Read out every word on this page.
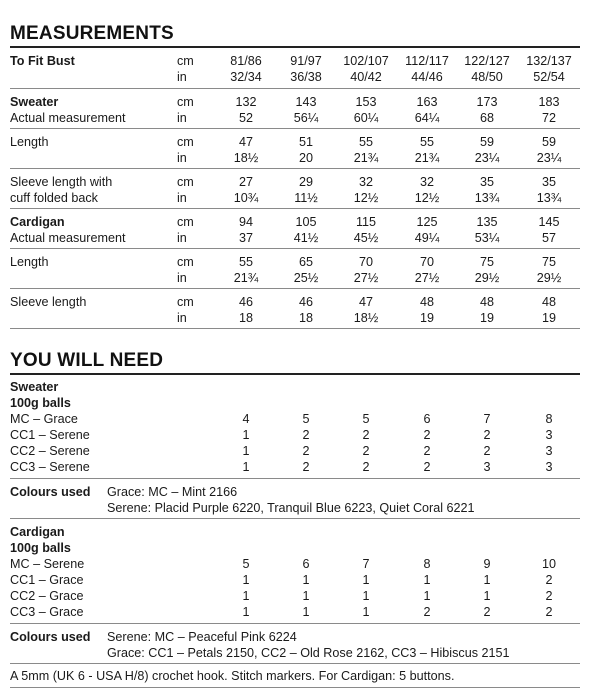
MEASUREMENTS
To Fit Bust	cm	81/86	91/97	102/107	112/117	122/127	132/137
in	32/34	36/38	40/42	44/46	48/50	52/54
Sweater	cm	132	143	153	163	173	183
Actual measurement	in	52	56¼	60¼	64¼	68	72
Length	cm	47	51	55	55	59	59
in	18½	20	21¾	21¾	23¼	23¼
Sleeve length with	cm	27	29	32	32	35	35
cuff folded back	in	10¾	11½	12½	12½	13¾	13¾
Cardigan	cm	94	105	115	125	135	145
Actual measurement	in	37	41½	45½	49¼	53¼	57
Length	cm	55	65	70	70	75	75
in	21¾	25½	27½	27½	29½	29½
Sleeve length	cm	46	46	47	48	48	48
in	18	18	18½	19	19	19
YOU WILL NEED
Sweater
100g balls
MC – Grace	4	5	5	6	7	8
CC1 – Serene	1	2	2	2	2	3
CC2 – Serene	1	2	2	2	2	3
CC3 – Serene	1	2	2	2	3	3
Colours used Grace: MC – Mint 2166
Serene: Placid Purple 6220, Tranquil Blue 6223, Quiet Coral 6221
Cardigan
100g balls
MC – Serene	5	6	7	8	9	10
CC1 – Grace	1	1	1	1	1	2
CC2 – Grace	1	1	1	1	1	2
CC3 – Grace	1	1	1	2	2	2
Colours used Serene: MC – Peaceful Pink 6224
Grace: CC1 – Petals 2150, CC2 – Old Rose 2162, CC3 – Hibiscus 2151
A 5mm (UK 6 - USA H/8) crochet hook. Stitch markers. For Cardigan: 5 buttons.
